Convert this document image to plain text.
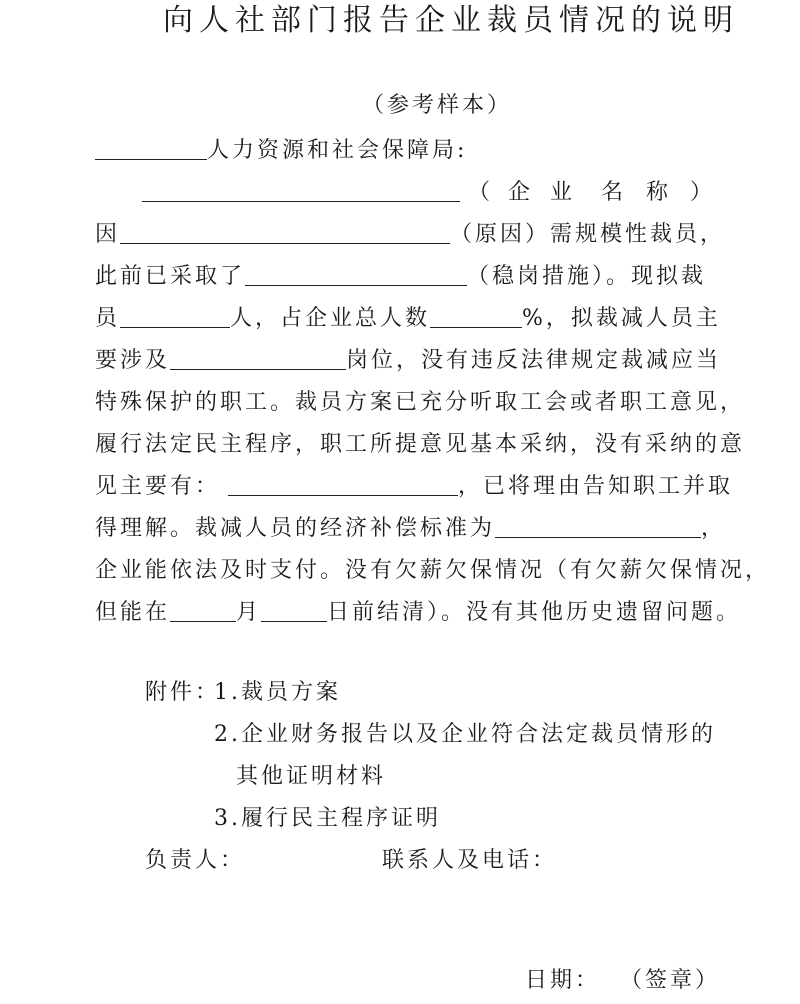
向人社部门报告企业裁员情况的说明
（参考样本）
人力资源和社会保障局:
（ 企 业 名 称 ）
因	（原因）需规模性裁员，
此前已采取了	（稳岗措施）。现拟裁
员	人，占企业总人数	%，拟裁减人员主
要涉及	岗位，没有违反法律规定裁减应当
特殊保护的职工。裁员方案已充分听取工会或者职工意见，
履行法定民主程序，职工所提意见基本采纳，没有采纳的意
见主要有：	，已将理由告知职工并取
得理解。裁减人员的经济补偿标准为	，
企业能依法及时支付。没有欠薪欠保情况（有欠薪欠保情况，
但能在	月	日前结清）。没有其他历史遗留问题。
附件：
1.裁员方案
2.企业财务报告以及企业符合法定裁员情形的
其他证明材料
3.履行民主程序证明
负责人：	联系人及电话：
日期： （签章）
